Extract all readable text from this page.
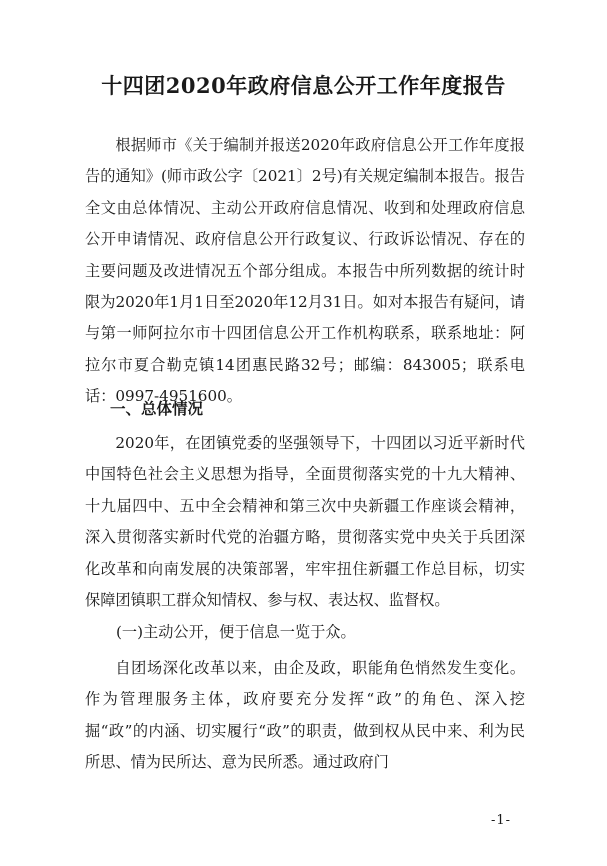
十四团2020年政府信息公开工作年度报告

根据师市《关于编制并报送2020年政府信息公开工作年度报告的通知》(师市政公字〔2021〕2号)有关规定编制本报告。报告全文由总体情况、主动公开政府信息情况、收到和处理政府信息公开申请情况、政府信息公开行政复议、行政诉讼情况、存在的主要问题及改进情况五个部分组成。本报告中所列数据的统计时限为2020年1月1日至2020年12月31日。如对本报告有疑问，请与第一师阿拉尔市十四团信息公开工作机构联系，联系地址：阿拉尔市夏合勒克镇14团惠民路32号；邮编：843005；联系电话：0997-4951600。

一、总体情况

2020年，在团镇党委的坚强领导下，十四团以习近平新时代中国特色社会主义思想为指导，全面贯彻落实党的十九大精神、十九届四中、五中全会精神和第三次中央新疆工作座谈会精神，深入贯彻落实新时代党的治疆方略，贯彻落实党中央关于兵团深化改革和向南发展的决策部署，牢牢扭住新疆工作总目标，切实保障团镇职工群众知情权、参与权、表达权、监督权。

(一)主动公开，便于信息一览于众。

自团场深化改革以来，由企及政，职能角色悄然发生变化。作为管理服务主体，政府要充分发挥“政”的角色、深入挖掘“政”的内涵、切实履行“政”的职责，做到权从民中来、利为民所思、情为民所达、意为民所悉。通过政府门

-1-
